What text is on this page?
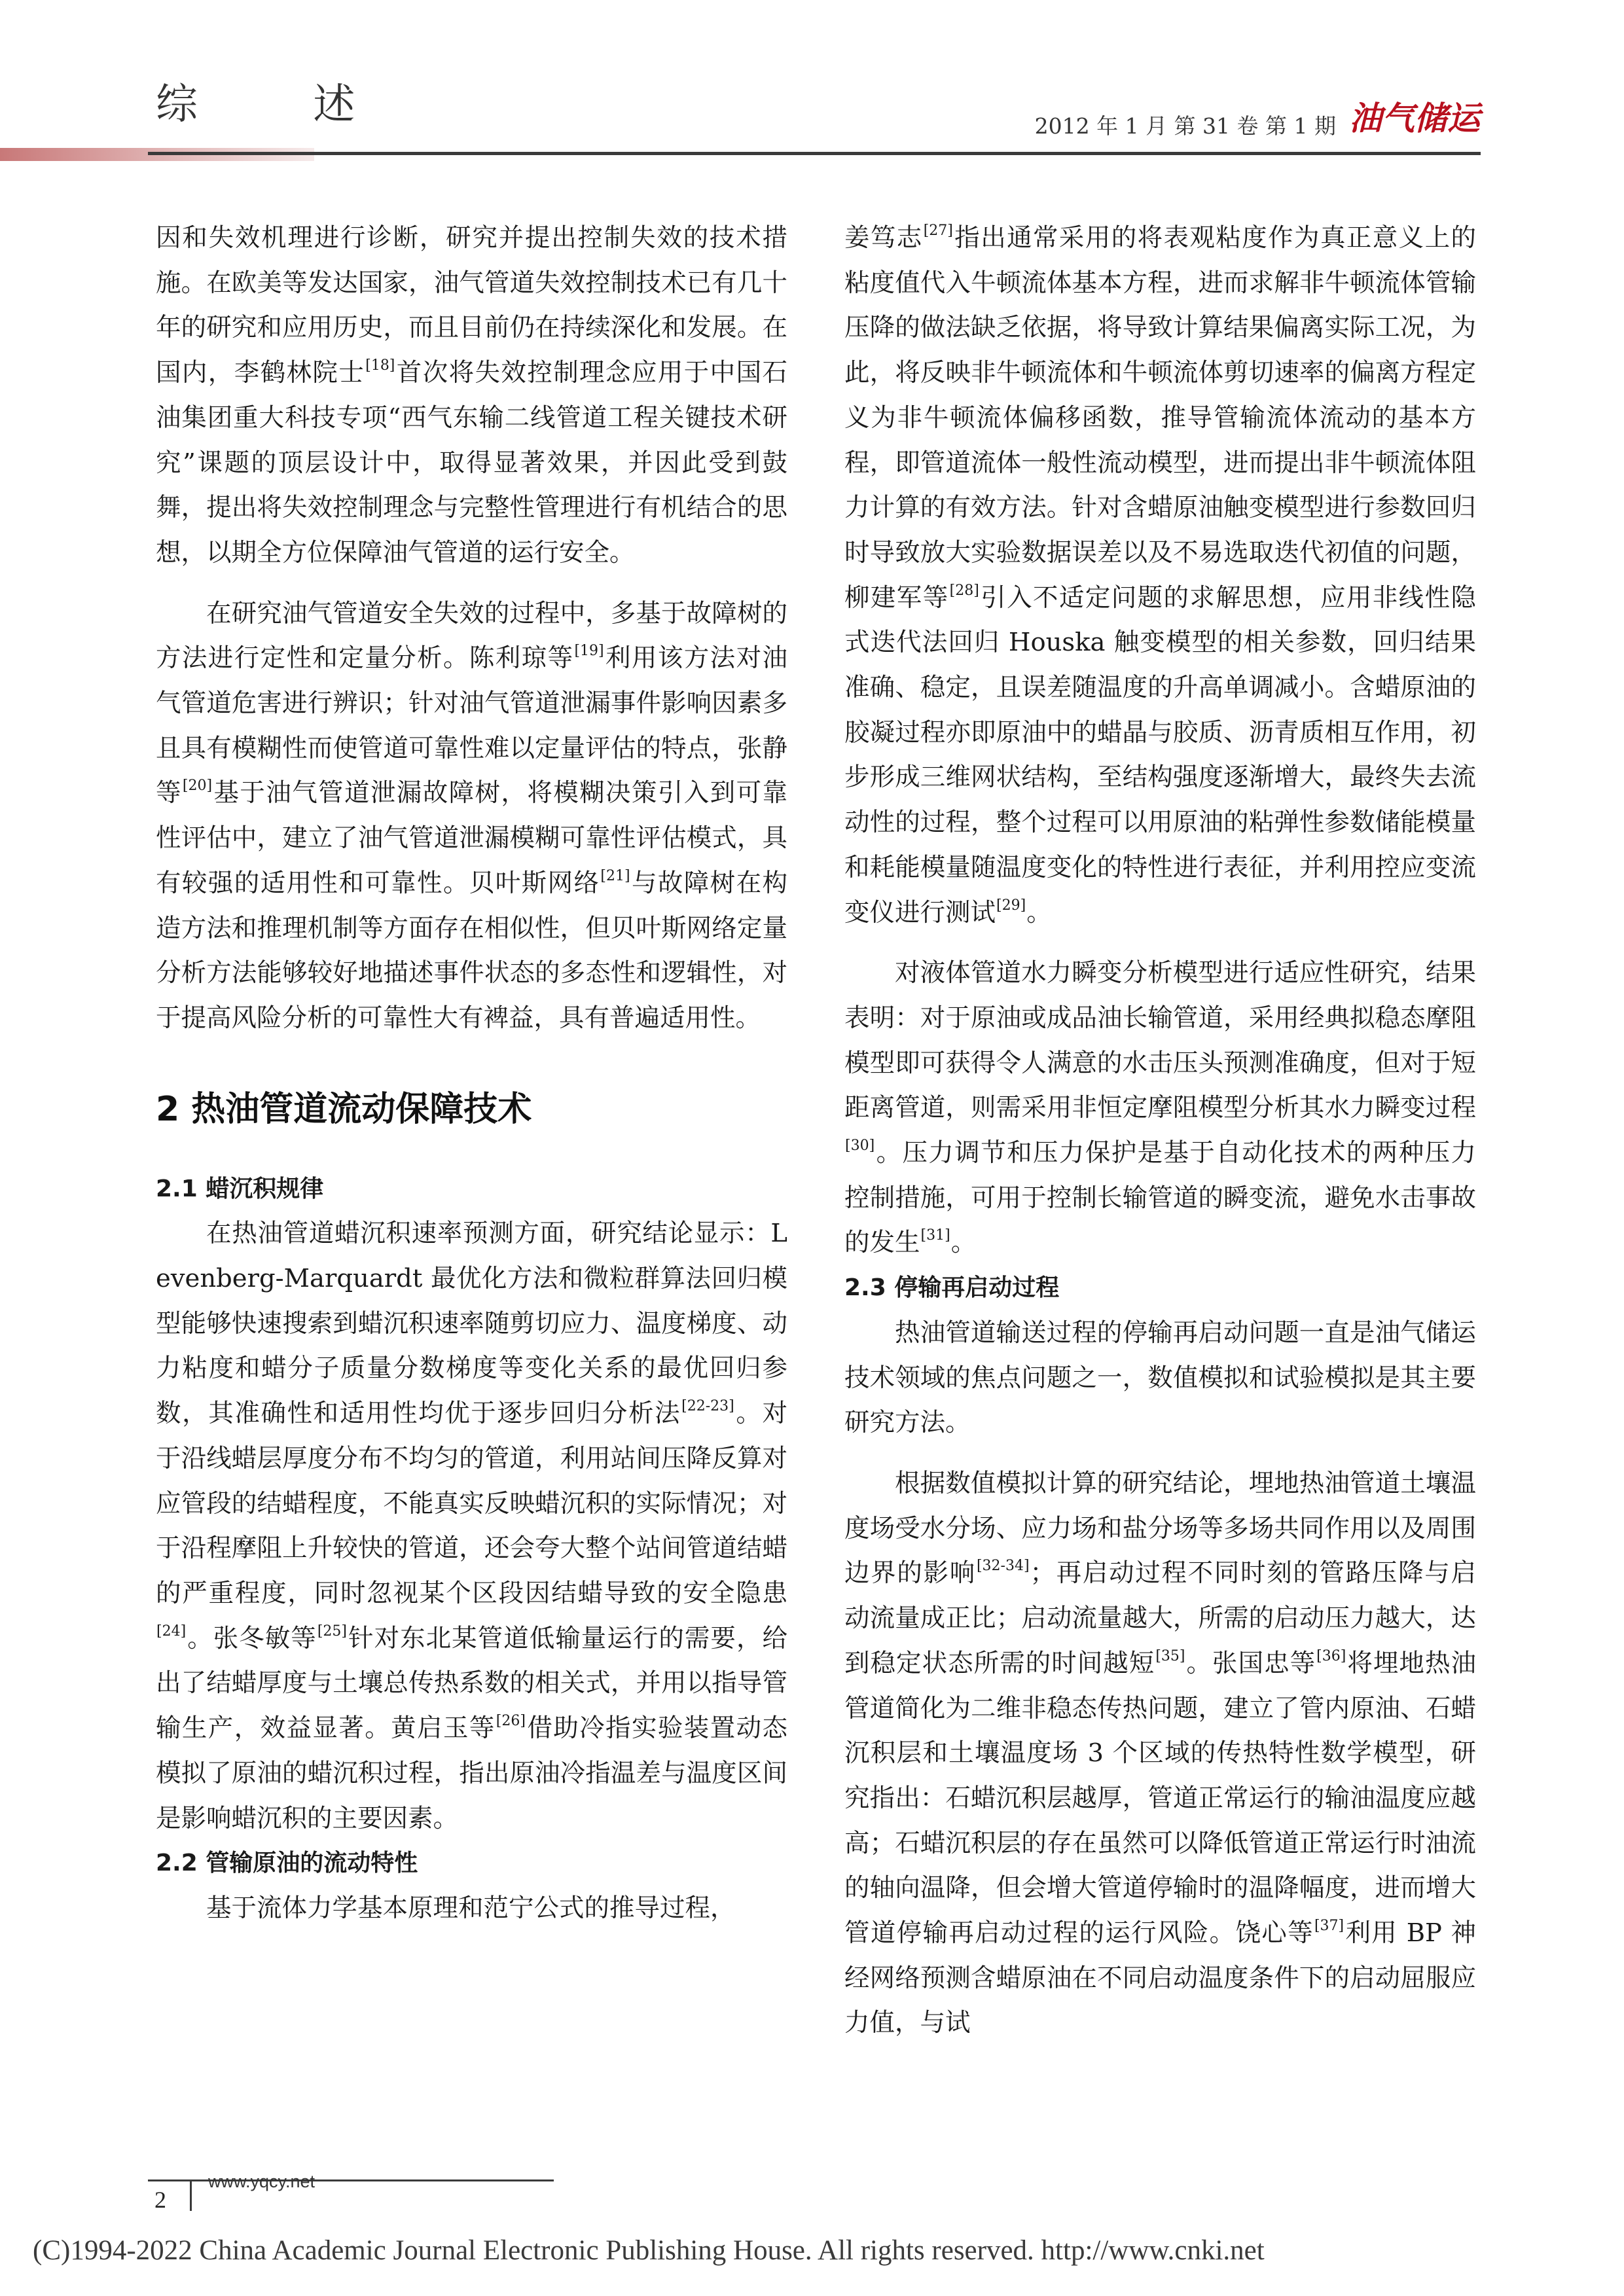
综 述	2012 年 1 月 第 31 卷 第 1 期 油气储运

因和失效机理进行诊断，研究并提出控制失效的技术措施。在欧美等发达国家，油气管道失效控制技术已有几十年的研究和应用历史，而且目前仍在持续深化和发展。在国内，李鹤林院士[18]首次将失效控制理念应用于中国石油集团重大科技专项“西气东输二线管道工程关键技术研究”课题的顶层设计中，取得显著效果，并因此受到鼓舞，提出将失效控制理念与完整性管理进行有机结合的思想，以期全方位保障油气管道的运行安全。

在研究油气管道安全失效的过程中，多基于故障树的方法进行定性和定量分析。陈利琼等[19]利用该方法对油气管道危害进行辨识；针对油气管道泄漏事件影响因素多且具有模糊性而使管道可靠性难以定量评估的特点，张静等[20]基于油气管道泄漏故障树，将模糊决策引入到可靠性评估中，建立了油气管道泄漏模糊可靠性评估模式，具有较强的适用性和可靠性。贝叶斯网络[21]与故障树在构造方法和推理机制等方面存在相似性，但贝叶斯网络定量分析方法能够较好地描述事件状态的多态性和逻辑性，对于提高风险分析的可靠性大有裨益，具有普遍适用性。

2 热油管道流动保障技术
2.1 蜡沉积规律

在热油管道蜡沉积速率预测方面，研究结论显示：Levenberg-Marquardt 最优化方法和微粒群算法回归模型能够快速搜索到蜡沉积速率随剪切应力、温度梯度、动力粘度和蜡分子质量分数梯度等变化关系的最优回归参数，其准确性和适用性均优于逐步回归分析法[22-23]。对于沿线蜡层厚度分布不均匀的管道，利用站间压降反算对应管段的结蜡程度，不能真实反映蜡沉积的实际情况；对于沿程摩阻上升较快的管道，还会夸大整个站间管道结蜡的严重程度，同时忽视某个区段因结蜡导致的安全隐患[24]。张冬敏等[25]针对东北某管道低输量运行的需要，给出了结蜡厚度与土壤总传热系数的相关式，并用以指导管输生产，效益显著。黄启玉等[26]借助冷指实验装置动态模拟了原油的蜡沉积过程，指出原油冷指温差与温度区间是影响蜡沉积的主要因素。

2.2 管输原油的流动特性

基于流体力学基本原理和范宁公式的推导过程，

姜笃志[27]指出通常采用的将表观粘度作为真正意义上的粘度值代入牛顿流体基本方程，进而求解非牛顿流体管输压降的做法缺乏依据，将导致计算结果偏离实际工况，为此，将反映非牛顿流体和牛顿流体剪切速率的偏离方程定义为非牛顿流体偏移函数，推导管输流体流动的基本方程，即管道流体一般性流动模型，进而提出非牛顿流体阻力计算的有效方法。针对含蜡原油触变模型进行参数回归时导致放大实验数据误差以及不易选取迭代初值的问题，柳建军等[28]引入不适定问题的求解思想，应用非线性隐式迭代法回归 Houska 触变模型的相关参数，回归结果准确、稳定，且误差随温度的升高单调减小。含蜡原油的胶凝过程亦即原油中的蜡晶与胶质、沥青质相互作用，初步形成三维网状结构，至结构强度逐渐增大，最终失去流动性的过程，整个过程可以用原油的粘弹性参数储能模量和耗能模量随温度变化的特性进行表征，并利用控应变流变仪进行测试[29]。

对液体管道水力瞬变分析模型进行适应性研究，结果表明：对于原油或成品油长输管道，采用经典拟稳态摩阻模型即可获得令人满意的水击压头预测准确度，但对于短距离管道，则需采用非恒定摩阻模型分析其水力瞬变过程[30]。压力调节和压力保护是基于自动化技术的两种压力控制措施，可用于控制长输管道的瞬变流，避免水击事故的发生[31]。

2.3 停输再启动过程

热油管道输送过程的停输再启动问题一直是油气储运技术领域的焦点问题之一，数值模拟和试验模拟是其主要研究方法。

根据数值模拟计算的研究结论，埋地热油管道土壤温度场受水分场、应力场和盐分场等多场共同作用以及周围边界的影响[32-34]；再启动过程不同时刻的管路压降与启动流量成正比；启动流量越大，所需的启动压力越大，达到稳定状态所需的时间越短[35]。张国忠等[36]将埋地热油管道简化为二维非稳态传热问题，建立了管内原油、石蜡沉积层和土壤温度场 3 个区域的传热特性数学模型，研究指出：石蜡沉积层越厚，管道正常运行的输油温度应越高；石蜡沉积层的存在虽然可以降低管道正常运行时油流的轴向温降，但会增大管道停输时的温降幅度，进而增大管道停输再启动过程的运行风险。饶心等[37]利用 BP 神经网络预测含蜡原油在不同启动温度条件下的启动屈服应力值，与试

2
www.yqcy.net
(C)1994-2022 China Academic Journal Electronic Publishing House. All rights reserved. http://www.cnki.net
